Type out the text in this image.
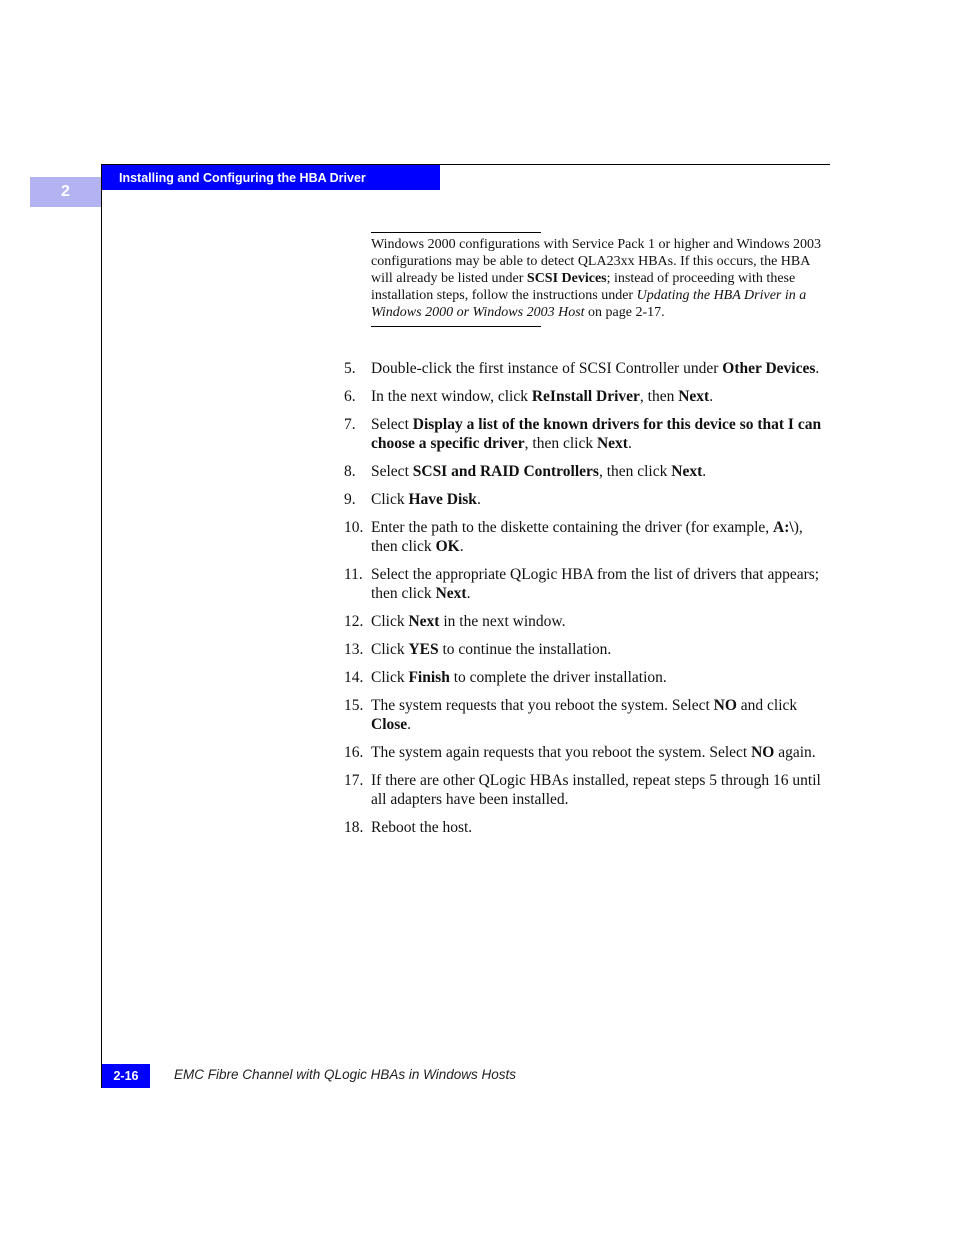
2
Installing and Configuring the HBA Driver

Windows 2000 configurations with Service Pack 1 or higher and Windows 2003 configurations may be able to detect QLA23xx HBAs. If this occurs, the HBA will already be listed under SCSI Devices; instead of proceeding with these installation steps, follow the instructions under Updating the HBA Driver in a Windows 2000 or Windows 2003 Host on page 2-17.

5. Double-click the first instance of SCSI Controller under Other Devices.
6. In the next window, click ReInstall Driver, then Next.
7. Select Display a list of the known drivers for this device so that I can choose a specific driver, then click Next.
8. Select SCSI and RAID Controllers, then click Next.
9. Click Have Disk.
10. Enter the path to the diskette containing the driver (for example, A:\), then click OK.
11. Select the appropriate QLogic HBA from the list of drivers that appears; then click Next.
12. Click Next in the next window.
13. Click YES to continue the installation.
14. Click Finish to complete the driver installation.
15. The system requests that you reboot the system. Select NO and click Close.
16. The system again requests that you reboot the system. Select NO again.
17. If there are other QLogic HBAs installed, repeat steps 5 through 16 until all adapters have been installed.
18. Reboot the host.
2-16	EMC Fibre Channel with QLogic HBAs in Windows Hosts
